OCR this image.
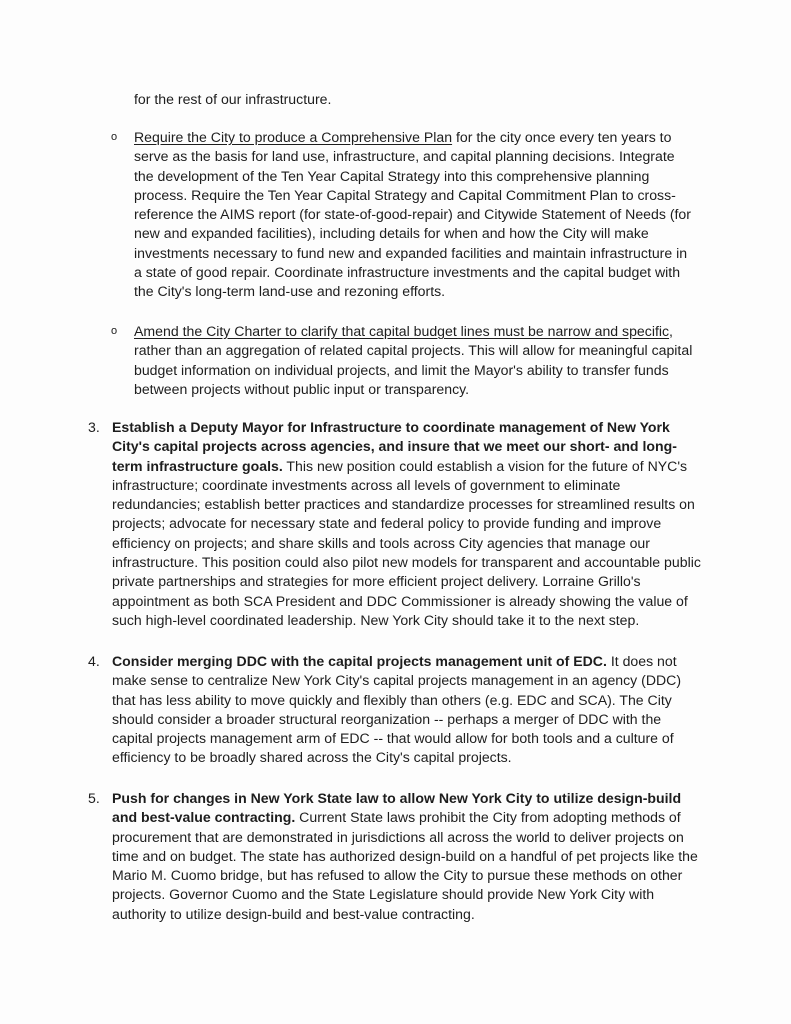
for the rest of our infrastructure.

o Require the City to produce a Comprehensive Plan for the city once every ten years to serve as the basis for land use, infrastructure, and capital planning decisions. Integrate the development of the Ten Year Capital Strategy into this comprehensive planning process. Require the Ten Year Capital Strategy and Capital Commitment Plan to cross-reference the AIMS report (for state-of-good-repair) and Citywide Statement of Needs (for new and expanded facilities), including details for when and how the City will make investments necessary to fund new and expanded facilities and maintain infrastructure in a state of good repair. Coordinate infrastructure investments and the capital budget with the City's long-term land-use and rezoning efforts.

o Amend the City Charter to clarify that capital budget lines must be narrow and specific, rather than an aggregation of related capital projects. This will allow for meaningful capital budget information on individual projects, and limit the Mayor's ability to transfer funds between projects without public input or transparency.

3. Establish a Deputy Mayor for Infrastructure to coordinate management of New York City's capital projects across agencies, and insure that we meet our short- and long-term infrastructure goals. This new position could establish a vision for the future of NYC's infrastructure; coordinate investments across all levels of government to eliminate redundancies; establish better practices and standardize processes for streamlined results on projects; advocate for necessary state and federal policy to provide funding and improve efficiency on projects; and share skills and tools across City agencies that manage our infrastructure. This position could also pilot new models for transparent and accountable public private partnerships and strategies for more efficient project delivery. Lorraine Grillo's appointment as both SCA President and DDC Commissioner is already showing the value of such high-level coordinated leadership. New York City should take it to the next step.

4. Consider merging DDC with the capital projects management unit of EDC. It does not make sense to centralize New York City's capital projects management in an agency (DDC) that has less ability to move quickly and flexibly than others (e.g. EDC and SCA). The City should consider a broader structural reorganization -- perhaps a merger of DDC with the capital projects management arm of EDC -- that would allow for both tools and a culture of efficiency to be broadly shared across the City's capital projects.

5. Push for changes in New York State law to allow New York City to utilize design-build and best-value contracting. Current State laws prohibit the City from adopting methods of procurement that are demonstrated in jurisdictions all across the world to deliver projects on time and on budget. The state has authorized design-build on a handful of pet projects like the Mario M. Cuomo bridge, but has refused to allow the City to pursue these methods on other projects. Governor Cuomo and the State Legislature should provide New York City with authority to utilize design-build and best-value contracting.
